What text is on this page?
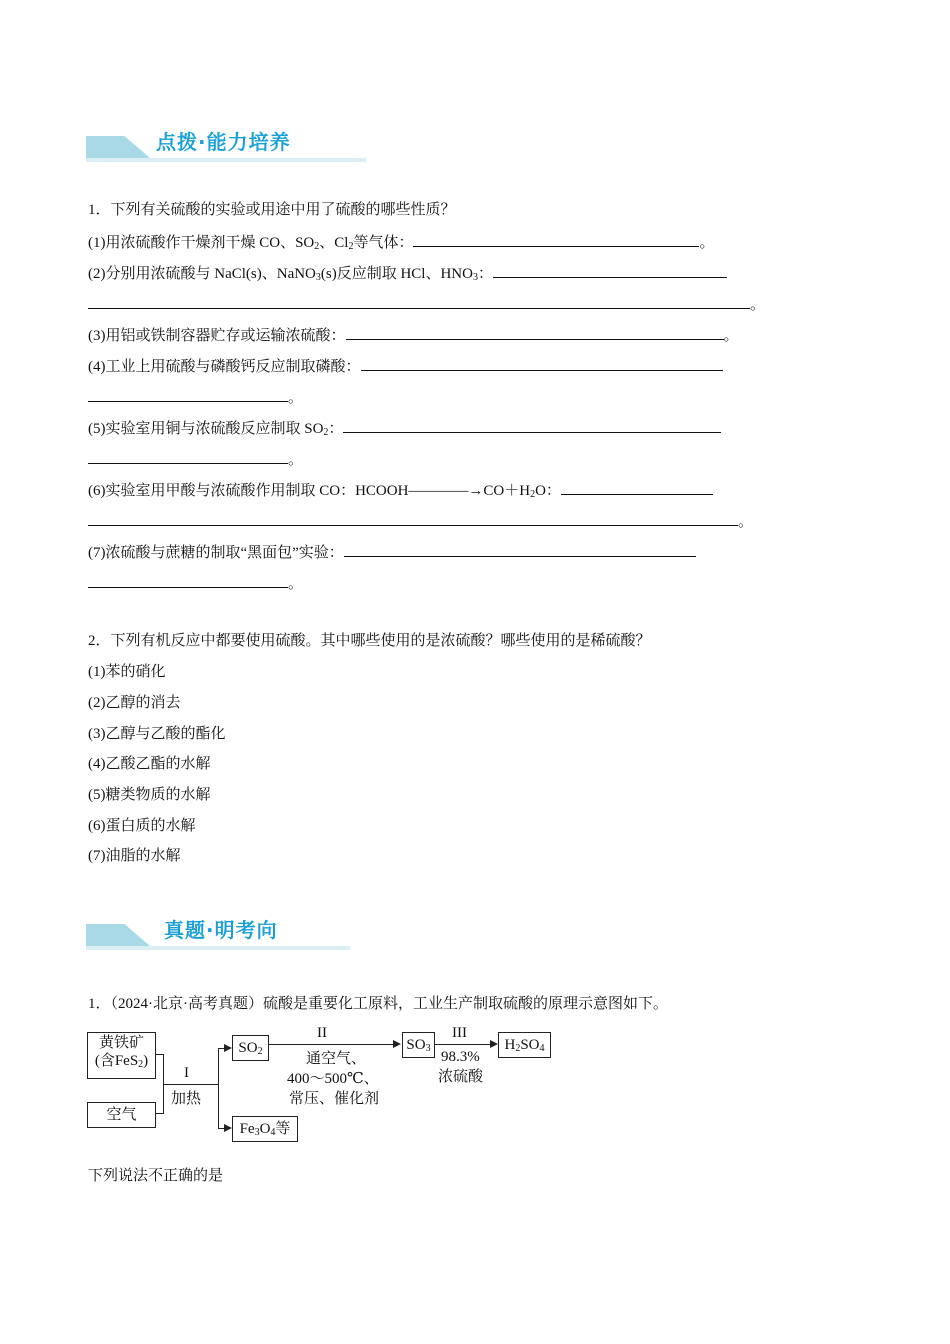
点拨·能力培养
1．下列有关硫酸的实验或用途中用了硫酸的哪些性质？
(1)用浓硫酸作干燥剂干燥 CO、$SO_2$、$Cl_2$等气体：	。
(2)分别用浓硫酸与 NaCl(s)、NaNO$_3$(s)反应制取 HCl、$HNO_3$：
。
(3)用铝或铁制容器贮存或运输浓硫酸：	。
(4)工业上用硫酸与磷酸钙反应制取磷酸：
。
(5)实验室用铜与浓硫酸反应制取 $SO_2$：
。
(6)实验室用甲酸与浓硫酸作用制取 CO：$HCOOH――――\to CO+H_2O$：
。
(7)浓硫酸与蔗糖的制取“黑面包”实验：
。
2．下列有机反应中都要使用硫酸。其中哪些使用的是浓硫酸？哪些使用的是稀硫酸？
(1)苯的硝化
(2)乙醇的消去
(3)乙醇与乙酸的酯化
(4)乙酸乙酯的水解
(5)糖类物质的水解
(6)蛋白质的水解
(7)油脂的水解
真题·明考向
1．（2024·北京·高考真题）硫酸是重要化工原料，工业生产制取硫酸的原理示意图如下。
黄铁矿
(含FeS$_2$)
空气
I
加热
$SO_2$
$Fe_3O_4$等
II
通空气、
400～500℃、
常压、催化剂
$SO_3$
III
98.3%
浓硫酸
$H_2SO_4$
下列说法不正确的是
